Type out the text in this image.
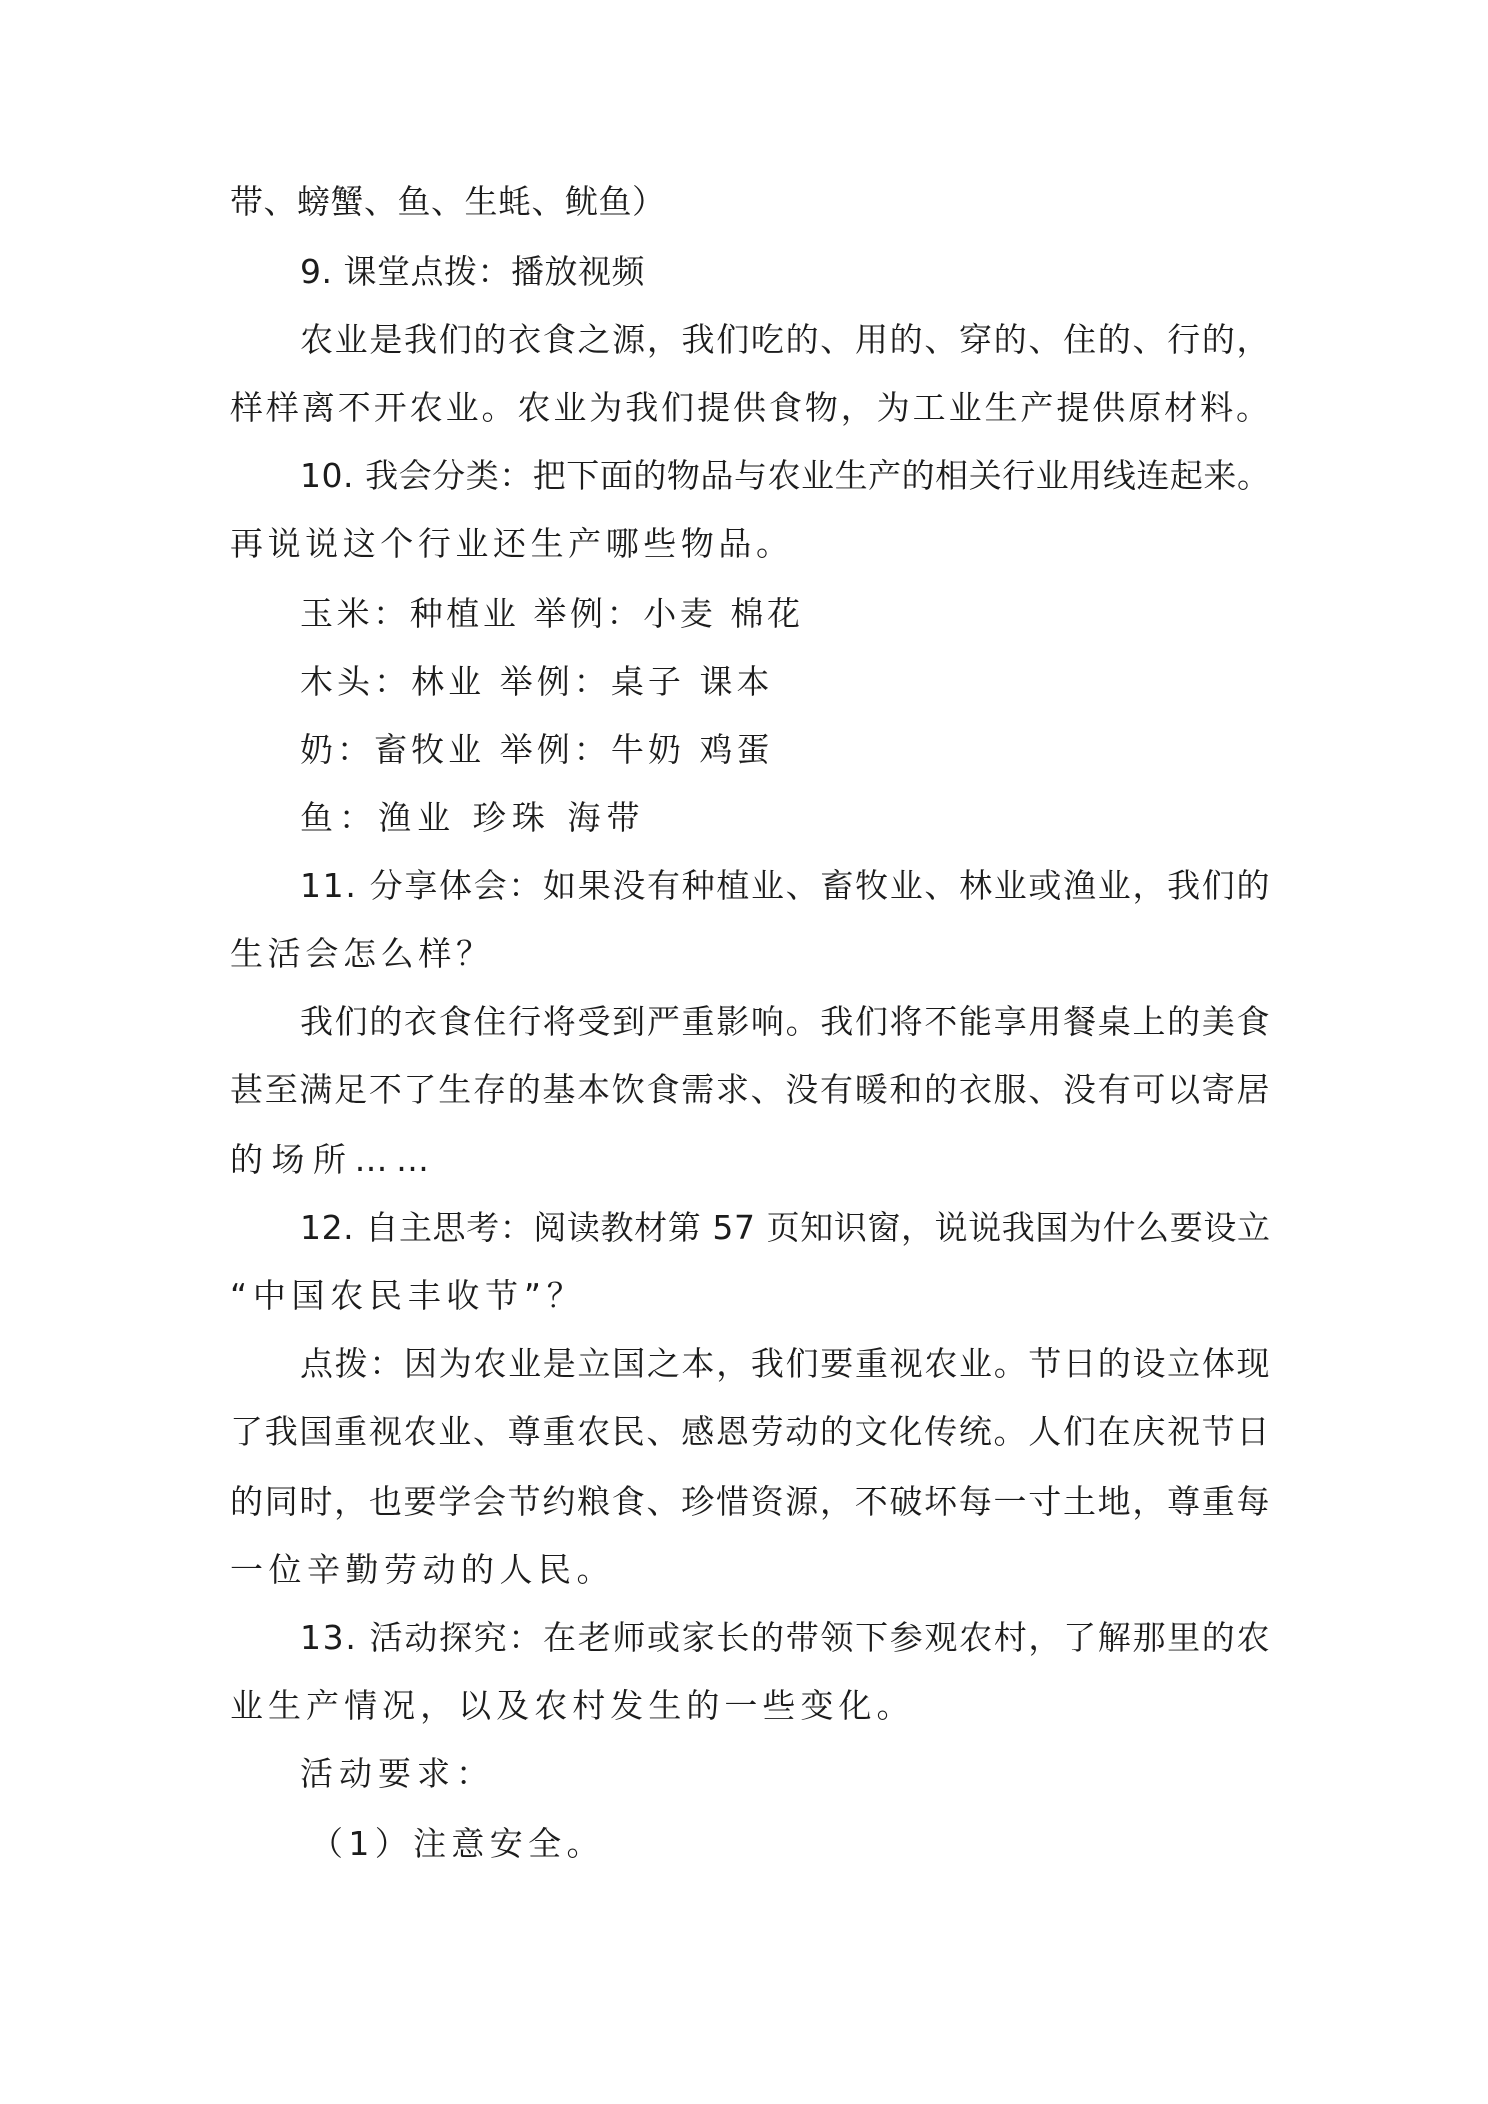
带、螃蟹、鱼、生蚝、鱿鱼）
9. 课堂点拨：播放视频
农业是我们的衣食之源，我们吃的、用的、穿的、住的、行的，
样样离不开农业。农业为我们提供食物，为工业生产提供原材料。
10. 我会分类：把下面的物品与农业生产的相关行业用线连起来。
再说说这个行业还生产哪些物品。
玉米：种植业 举例：小麦 棉花
木头：林业 举例：桌子 课本
奶：畜牧业 举例：牛奶 鸡蛋
鱼：渔业 珍珠 海带
11. 分享体会：如果没有种植业、畜牧业、林业或渔业，我们的
生活会怎么样？
我们的衣食住行将受到严重影响。我们将不能享用餐桌上的美食
甚至满足不了生存的基本饮食需求、没有暖和的衣服、没有可以寄居
的场所……
12. 自主思考：阅读教材第 57 页知识窗，说说我国为什么要设立
“中国农民丰收节”？
点拨：因为农业是立国之本，我们要重视农业。节日的设立体现
了我国重视农业、尊重农民、感恩劳动的文化传统。人们在庆祝节日
的同时，也要学会节约粮食、珍惜资源，不破坏每一寸土地，尊重每
一位辛勤劳动的人民。
13. 活动探究：在老师或家长的带领下参观农村，了解那里的农
业生产情况，以及农村发生的一些变化。
活动要求：
（1）注意安全。
